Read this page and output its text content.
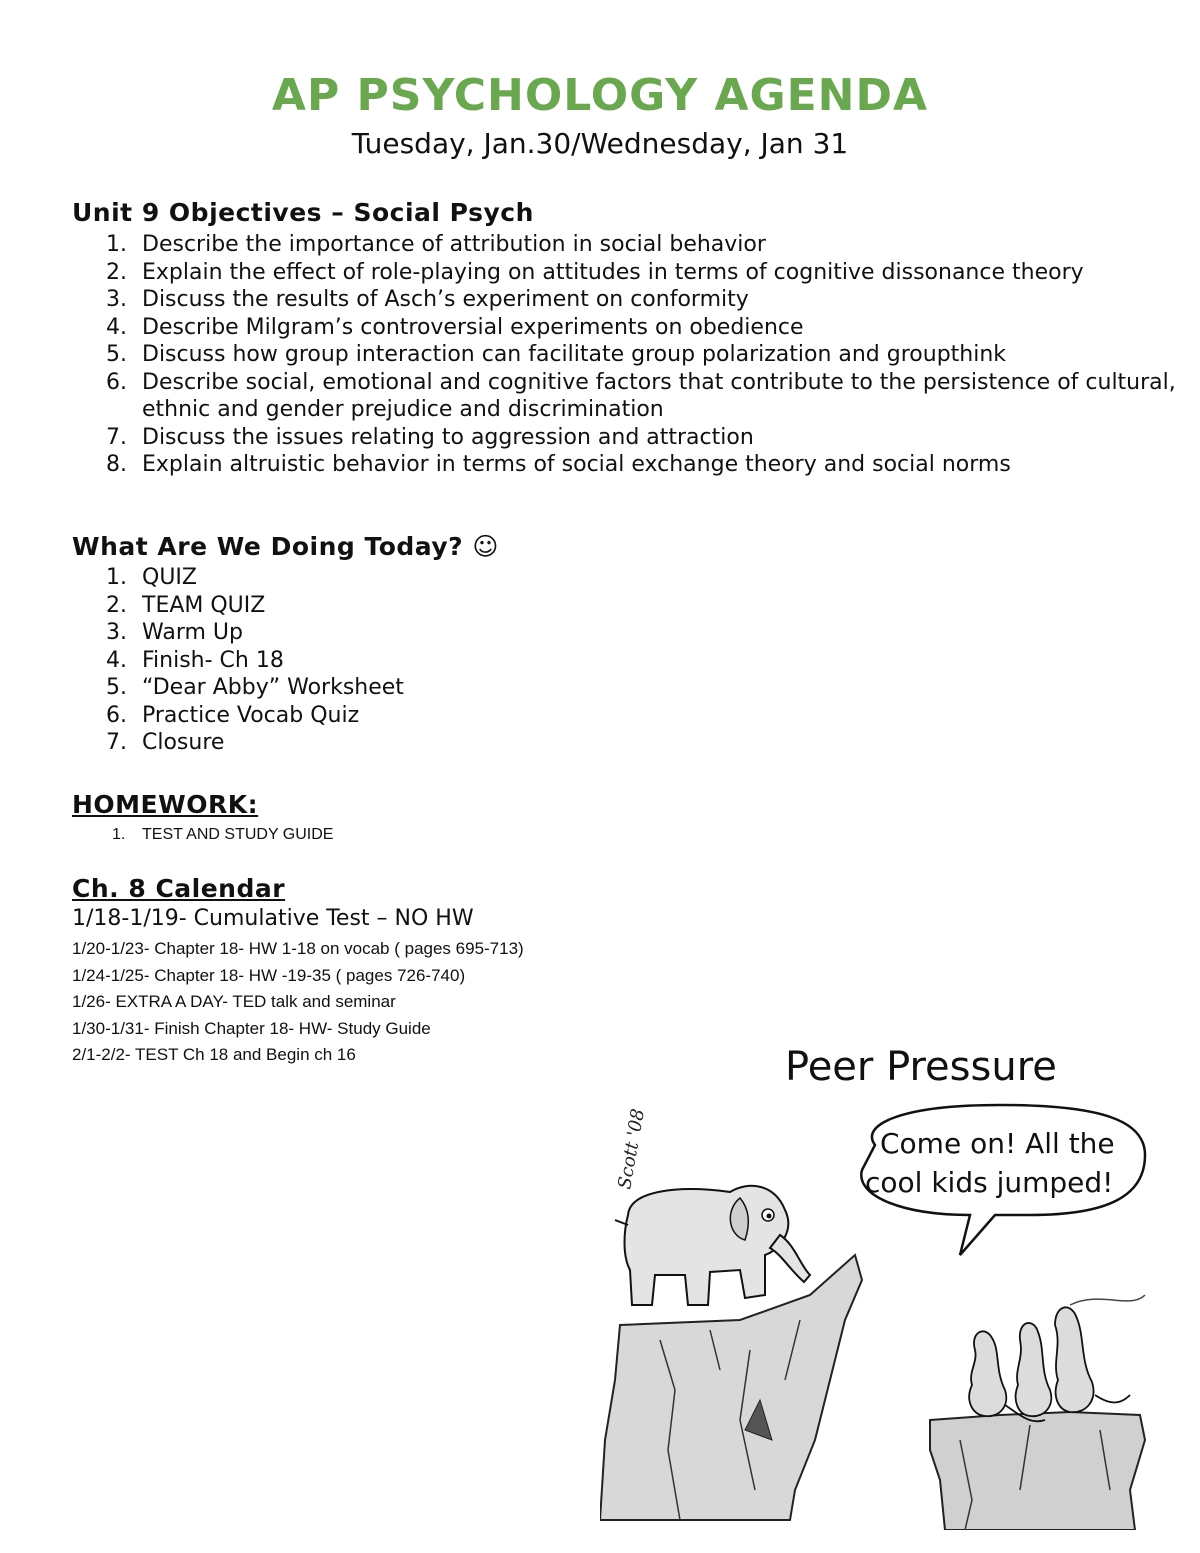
AP PSYCHOLOGY AGENDA
Tuesday, Jan.30/Wednesday, Jan 31
Unit 9 Objectives – Social Psych
1. Describe the importance of attribution in social behavior
2. Explain the effect of role-playing on attitudes in terms of cognitive dissonance theory
3. Discuss the results of Asch’s experiment on conformity
4. Describe Milgram’s controversial experiments on obedience
5. Discuss how group interaction can facilitate group polarization and groupthink
6. Describe social, emotional and cognitive factors that contribute to the persistence of cultural, ethnic and gender prejudice and discrimination
7. Discuss the issues relating to aggression and attraction
8. Explain altruistic behavior in terms of social exchange theory and social norms
What Are We Doing Today? ☺
1. QUIZ
2. TEAM QUIZ
3. Warm Up
4. Finish- Ch 18
5. “Dear Abby” Worksheet
6. Practice Vocab Quiz
7. Closure
HOMEWORK:
1. TEST AND STUDY GUIDE
Ch. 8 Calendar
1/18-1/19- Cumulative Test – NO HW
1/20-1/23- Chapter 18- HW 1-18 on vocab ( pages 695-713)
1/24-1/25- Chapter 18- HW -19-35 ( pages 726-740)
1/26- EXTRA A DAY- TED talk and seminar
1/30-1/31- Finish Chapter 18- HW- Study Guide
2/1-2/2- TEST Ch 18 and Begin ch 16	Peer Pressure
Scott '08	Come on! All the
cool kids jumped!
